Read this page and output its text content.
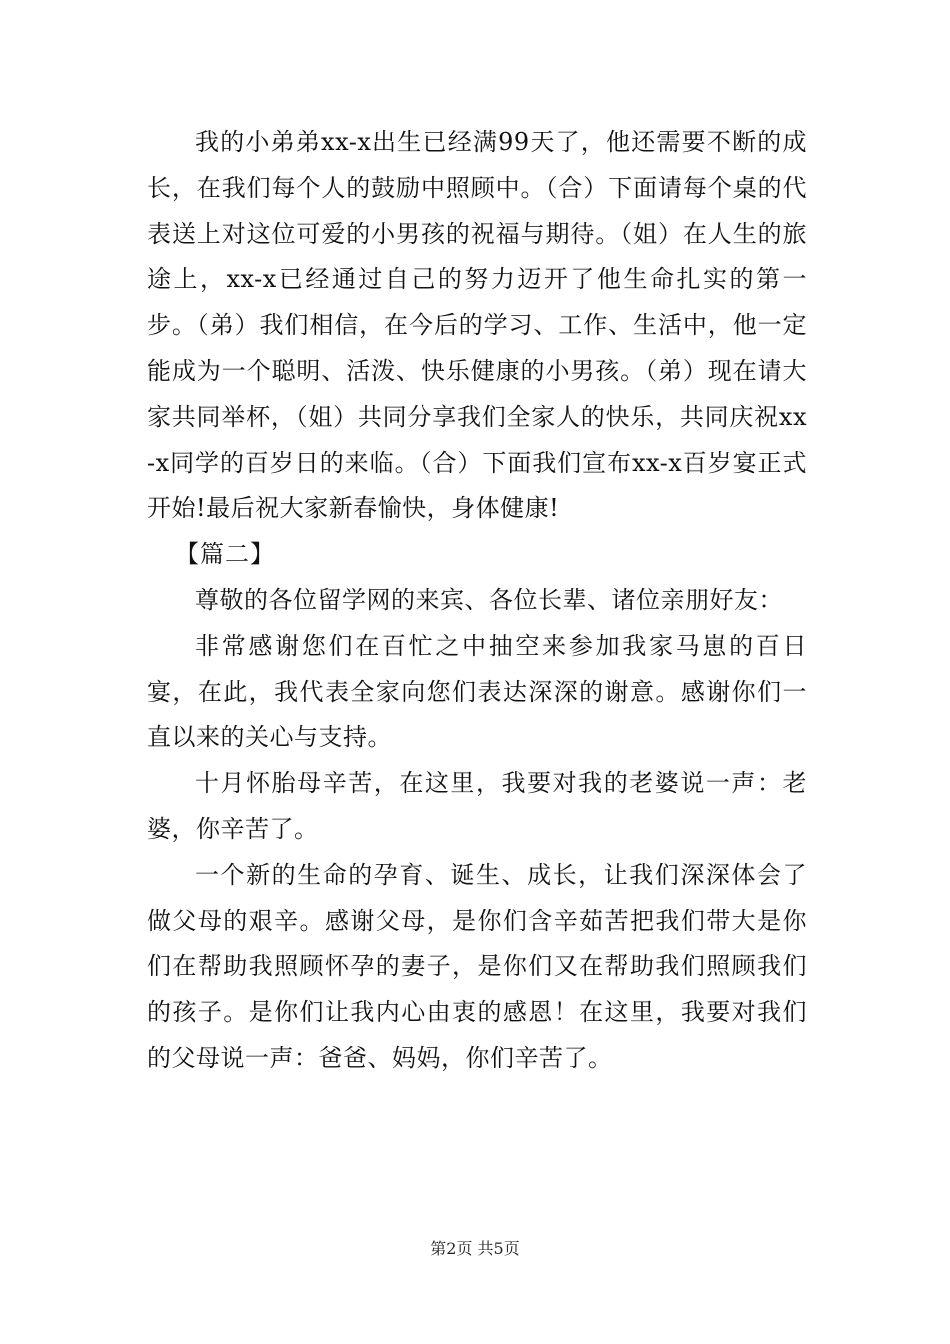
我的小弟弟xx-x出生已经满99天了，他还需要不断的成长，在我们每个人的鼓励中照顾中。（合）下面请每个桌的代表送上对这位可爱的小男孩的祝福与期待。（姐）在人生的旅途上，xx-x已经通过自己的努力迈开了他生命扎实的第一步。（弟）我们相信，在今后的学习、工作、生活中，他一定能成为一个聪明、活泼、快乐健康的小男孩。（弟）现在请大家共同举杯，（姐）共同分享我们全家人的快乐，共同庆祝xx-x同学的百岁日的来临。（合）下面我们宣布xx-x百岁宴正式开始!最后祝大家新春愉快，身体健康!

【篇二】

尊敬的各位留学网的来宾、各位长辈、诸位亲朋好友：

非常感谢您们在百忙之中抽空来参加我家马崽的百日宴，在此，我代表全家向您们表达深深的谢意。感谢你们一直以来的关心与支持。

十月怀胎母辛苦，在这里，我要对我的老婆说一声：老婆，你辛苦了。

一个新的生命的孕育、诞生、成长，让我们深深体会了做父母的艰辛。感谢父母，是你们含辛茹苦把我们带大是你们在帮助我照顾怀孕的妻子，是你们又在帮助我们照顾我们的孩子。是你们让我内心由衷的感恩！在这里，我要对我们的父母说一声：爸爸、妈妈，你们辛苦了。

第2页 共5页
